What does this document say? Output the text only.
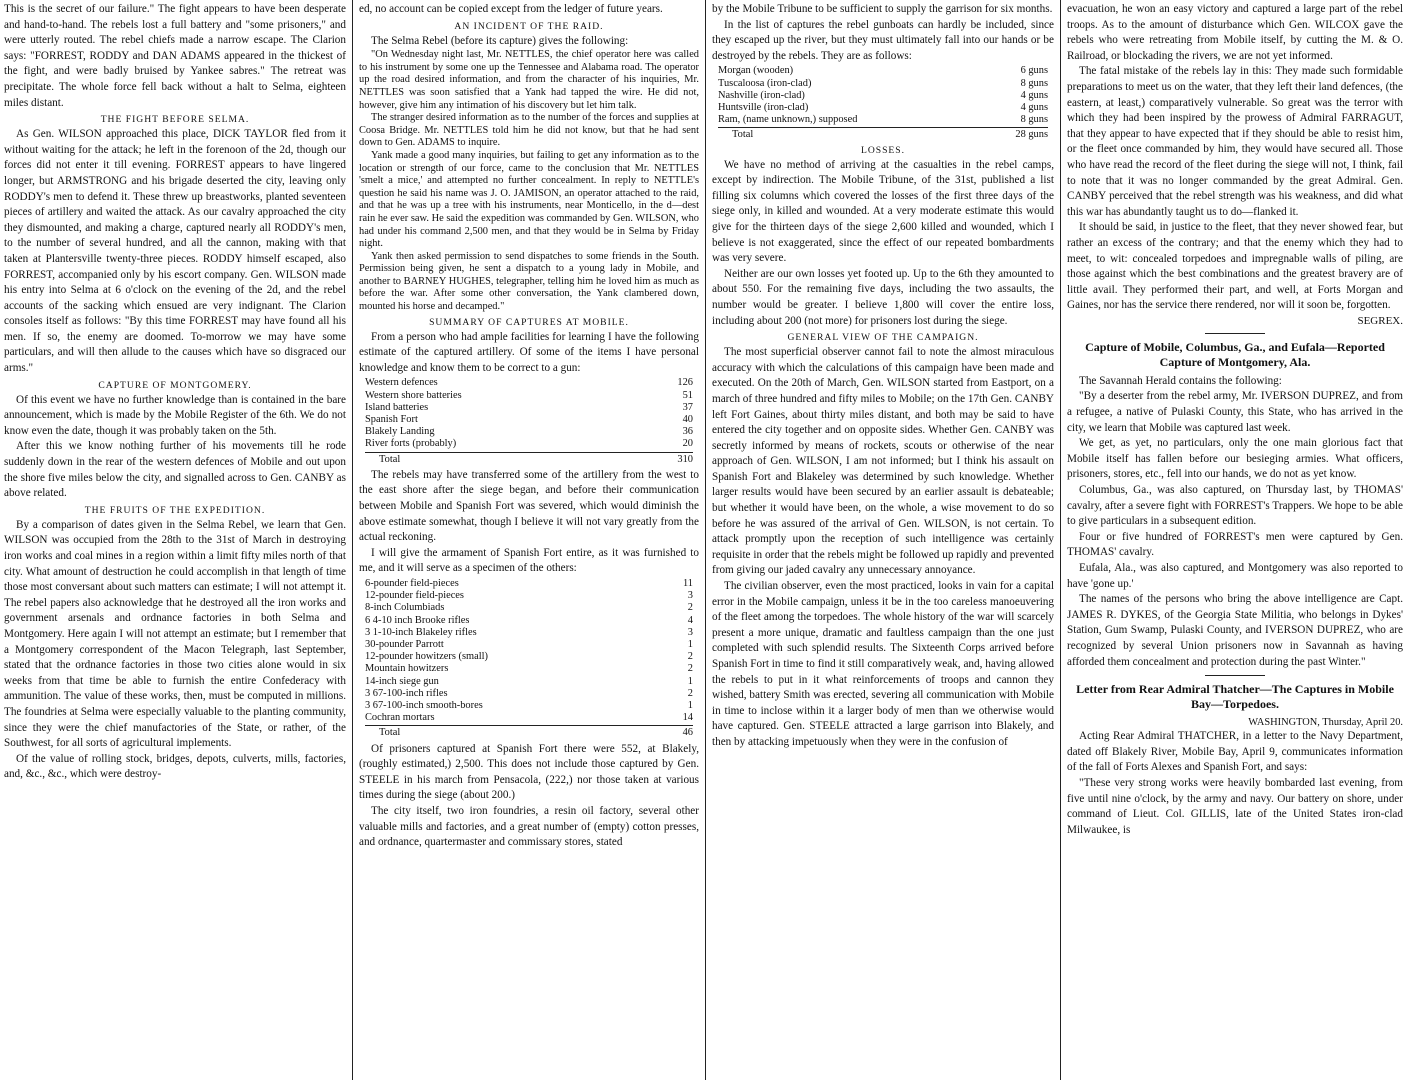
This is the secret of our failure." The fight appears to have been desperate and hand-to-hand. The rebels lost a full battery and "some prisoners," and were utterly routed. The rebel chiefs made a narrow escape. The Clarion says: "FORREST, RODDY and DAN ADAMS appeared in the thickest of the fight, and were badly bruised by Yankee sabres." The retreat was precipitate. The whole force fell back without a halt to Selma, eighteen miles distant.

THE FIGHT BEFORE SELMA.

As Gen. WILSON approached this place, DICK TAYLOR fled from it without waiting for the attack; he left in the forenoon of the 2d, though our forces did not enter it till evening. FORREST appears to have lingered longer, but ARMSTRONG and his brigade deserted the city, leaving only RODDY's men to defend it. These threw up breastworks, planted seventeen pieces of artillery and waited the attack. As our cavalry approached the city they dismounted, and making a charge, captured nearly all RODDY's men, to the number of several hundred, and all the cannon, making with that taken at Plantersville twenty-three pieces. RODDY himself escaped, also FORREST, accompanied only by his escort company. Gen. WILSON made his entry into Selma at 6 o'clock on the evening of the 2d, and the rebel accounts of the sacking which ensued are very indignant. The Clarion consoles itself as follows: "By this time FORREST may have found all his men. If so, the enemy are doomed. To-morrow we may have some particulars, and will then allude to the causes which have so disgraced our arms."

CAPTURE OF MONTGOMERY.

Of this event we have no further knowledge than is contained in the bare announcement, which is made by the Mobile Register of the 6th. We do not know even the date, though it was probably taken on the 5th.

After this we know nothing further of his movements till he rode suddenly down in the rear of the western defences of Mobile and out upon the shore five miles below the city, and signalled across to Gen. CANBY as above related.

THE FRUITS OF THE EXPEDITION.

By a comparison of dates given in the Selma Rebel, we learn that Gen. WILSON was occupied from the 28th to the 31st of March in destroying iron works and coal mines in a region within a limit fifty miles north of that city. What amount of destruction he could accomplish in that length of time those most conversant about such matters can estimate; I will not attempt it. The rebel papers also acknowledge that he destroyed all the iron works and government arsenals and ordnance factories in both Selma and Montgomery. Here again I will not attempt an estimate; but I remember that a Montgomery correspondent of the Macon Telegraph, last September, stated that the ordnance factories in those two cities alone would in six weeks from that time be able to furnish the entire Confederacy with ammunition. The value of these works, then, must be computed in millions. The foundries at Selma were especially valuable to the planting community, since they were the chief manufactories of the State, or rather, of the Southwest, for all sorts of agricultural implements.

Of the value of rolling stock, bridges, depots, culverts, mills, factories, and, &c., &c., which were destroy-

ed, no account can be copied except from the ledger of future years.

AN INCIDENT OF THE RAID.

The Selma Rebel (before its capture) gives the following:

"On Wednesday night last, Mr. NETTLES, the chief operator here was called to his instrument by some one up the Tennessee and Alabama road. The operator up the road desired information, and from the character of his inquiries, Mr. NETTLES was soon satisfied that a Yank had tapped the wire. He did not, however, give him any intimation of his discovery but let him talk.

The stranger desired information as to the number of the forces and supplies at Coosa Bridge. Mr. NETTLES told him he did not know, but that he had sent down to Gen. ADAMS to inquire.

Yank made a good many inquiries, but failing to get any information as to the location or strength of our force, came to the conclusion that Mr. NETTLES 'smelt a mice,' and attempted no further concealment. In reply to NETTLE's question he said his name was J. O. JAMISON, an operator attached to the raid, and that he was up a tree with his instruments, near Monticello, in the d—dest rain he ever saw. He said the expedition was commanded by Gen. WILSON, who had under his command 2,500 men, and that they would be in Selma by Friday night.

Yank then asked permission to send dispatches to some friends in the South. Permission being given, he sent a dispatch to a young lady in Mobile, and another to BARNEY HUGHES, telegrapher, telling him he loved him as much as before the war. After some other conversation, the Yank clambered down, mounted his horse and decamped."

SUMMARY OF CAPTURES AT MOBILE.

From a person who had ample facilities for learning I have the following estimate of the captured artillery. Of some of the items I have personal knowledge and know them to be correct to a gun:

Western defences	126
Western shore batteries	51
Island batteries	37
Spanish Fort	40
Blakely Landing	36
River forts (probably)	20
Total	310

The rebels may have transferred some of the artillery from the west to the east shore after the siege began, and before their communication between Mobile and Spanish Fort was severed, which would diminish the above estimate somewhat, though I believe it will not vary greatly from the actual reckoning.

I will give the armament of Spanish Fort entire, as it was furnished to me, and it will serve as a specimen of the others:

6-pounder field-pieces	11
12-pounder field-pieces	3
8-inch Columbiads	2
6 4-10 inch Brooke rifles	4
3 1-10-inch Blakeley rifles	3
30-pounder Parrott	1
12-pounder howitzers (small)	2
Mountain howitzers	2
14-inch siege gun	1
3 67-100-inch rifles	2
3 67-100-inch smooth-bores	1
Cochran mortars	14
Total	46

Of prisoners captured at Spanish Fort there were 552, at Blakely, (roughly estimated,) 2,500. This does not include those captured by Gen. STEELE in his march from Pensacola, (222,) nor those taken at various times during the siege (about 200.)

The city itself, two iron foundries, a resin oil factory, several other valuable mills and factories, and a great number of (empty) cotton presses, and ordnance, quartermaster and commissary stores, stated

by the Mobile Tribune to be sufficient to supply the garrison for six months.

In the list of captures the rebel gunboats can hardly be included, since they escaped up the river, but they must ultimately fall into our hands or be destroyed by the rebels. They are as follows:

Morgan (wooden)	6 guns
Tuscaloosa (iron-clad)	8 guns
Nashville (iron-clad)	4 guns
Huntsville (iron-clad)	4 guns
Ram, (name unknown,) supposed	8 guns
Total	28 guns
LOSSES.

We have no method of arriving at the casualties in the rebel camps, except by indirection. The Mobile Tribune, of the 31st, published a list filling six columns which covered the losses of the first three days of the siege only, in killed and wounded. At a very moderate estimate this would give for the thirteen days of the siege 2,600 killed and wounded, which I believe is not exaggerated, since the effect of our repeated bombardments was very severe.

Neither are our own losses yet footed up. Up to the 6th they amounted to about 550. For the remaining five days, including the two assaults, the number would be greater. I believe 1,800 will cover the entire loss, including about 200 (not more) for prisoners lost during the siege.

GENERAL VIEW OF THE CAMPAIGN.

The most superficial observer cannot fail to note the almost miraculous accuracy with which the calculations of this campaign have been made and executed. On the 20th of March, Gen. WILSON started from Eastport, on a march of three hundred and fifty miles to Mobile; on the 17th Gen. CANBY left Fort Gaines, about thirty miles distant, and both may be said to have entered the city together and on opposite sides. Whether Gen. CANBY was secretly informed by means of rockets, scouts or otherwise of the near approach of Gen. WILSON, I am not informed; but I think his assault on Spanish Fort and Blakeley was determined by such knowledge. Whether larger results would have been secured by an earlier assault is debateable; but whether it would have been, on the whole, a wise movement to do so before he was assured of the arrival of Gen. WILSON, is not certain. To attack promptly upon the reception of such intelligence was certainly requisite in order that the rebels might be followed up rapidly and prevented from giving our jaded cavalry any unnecessary annoyance.

The civilian observer, even the most practiced, looks in vain for a capital error in the Mobile campaign, unless it be in the too careless manoeuvering of the fleet among the torpedoes. The whole history of the war will scarcely present a more unique, dramatic and faultless campaign than the one just completed with such splendid results. The Sixteenth Corps arrived before Spanish Fort in time to find it still comparatively weak, and, having allowed the rebels to put in it what reinforcements of troops and cannon they wished, battery Smith was erected, severing all communication with Mobile in time to inclose within it a larger body of men than we otherwise would have captured. Gen. STEELE attracted a large garrison into Blakely, and then by attacking impetuously when they were in the confusion of

evacuation, he won an easy victory and captured a large part of the rebel troops. As to the amount of disturbance which Gen. WILCOX gave the rebels who were retreating from Mobile itself, by cutting the M. & O. Railroad, or blockading the rivers, we are not yet informed.

The fatal mistake of the rebels lay in this: They made such formidable preparations to meet us on the water, that they left their land defences, (the eastern, at least,) comparatively vulnerable. So great was the terror with which they had been inspired by the prowess of Admiral FARRAGUT, that they appear to have expected that if they should be able to resist him, or the fleet once commanded by him, they would have secured all. Those who have read the record of the fleet during the siege will not, I think, fail to note that it was no longer commanded by the great Admiral. Gen. CANBY perceived that the rebel strength was his weakness, and did what this war has abundantly taught us to do—flanked it.

It should be said, in justice to the fleet, that they never showed fear, but rather an excess of the contrary; and that the enemy which they had to meet, to wit: concealed torpedoes and impregnable walls of piling, are those against which the best combinations and the greatest bravery are of little avail. They performed their part, and well, at Forts Morgan and Gaines, nor has the service there rendered, nor will it soon be, forgotten.

SEGREX.
Capture of Mobile, Columbus, Ga., and Eufala—Reported Capture of Montgomery, Ala.

The Savannah Herald contains the following:

"By a deserter from the rebel army, Mr. IVERSON DUPREZ, and from a refugee, a native of Pulaski County, this State, who has arrived in the city, we learn that Mobile was captured last week.

We get, as yet, no particulars, only the one main glorious fact that Mobile itself has fallen before our besieging armies. What officers, prisoners, stores, etc., fell into our hands, we do not as yet know.

Columbus, Ga., was also captured, on Thursday last, by THOMAS' cavalry, after a severe fight with FORREST's Trappers. We hope to be able to give particulars in a subsequent edition.

Four or five hundred of FORREST's men were captured by Gen. THOMAS' cavalry.

Eufala, Ala., was also captured, and Montgomery was also reported to have 'gone up.'

The names of the persons who bring the above intelligence are Capt. JAMES R. DYKES, of the Georgia State Militia, who belongs in Dykes' Station, Gum Swamp, Pulaski County, and IVERSON DUPREZ, who are recognized by several Union prisoners now in Savannah as having afforded them concealment and protection during the past Winter."

Letter from Rear Admiral Thatcher—The Captures in Mobile Bay—Torpedoes.
WASHINGTON, Thursday, April 20.

Acting Rear Admiral THATCHER, in a letter to the Navy Department, dated off Blakely River, Mobile Bay, April 9, communicates information of the fall of Forts Alexes and Spanish Fort, and says:

"These very strong works were heavily bombarded last evening, from five until nine o'clock, by the army and navy. Our battery on shore, under command of Lieut. Col. GILLIS, late of the United States iron-clad Milwaukee, is
